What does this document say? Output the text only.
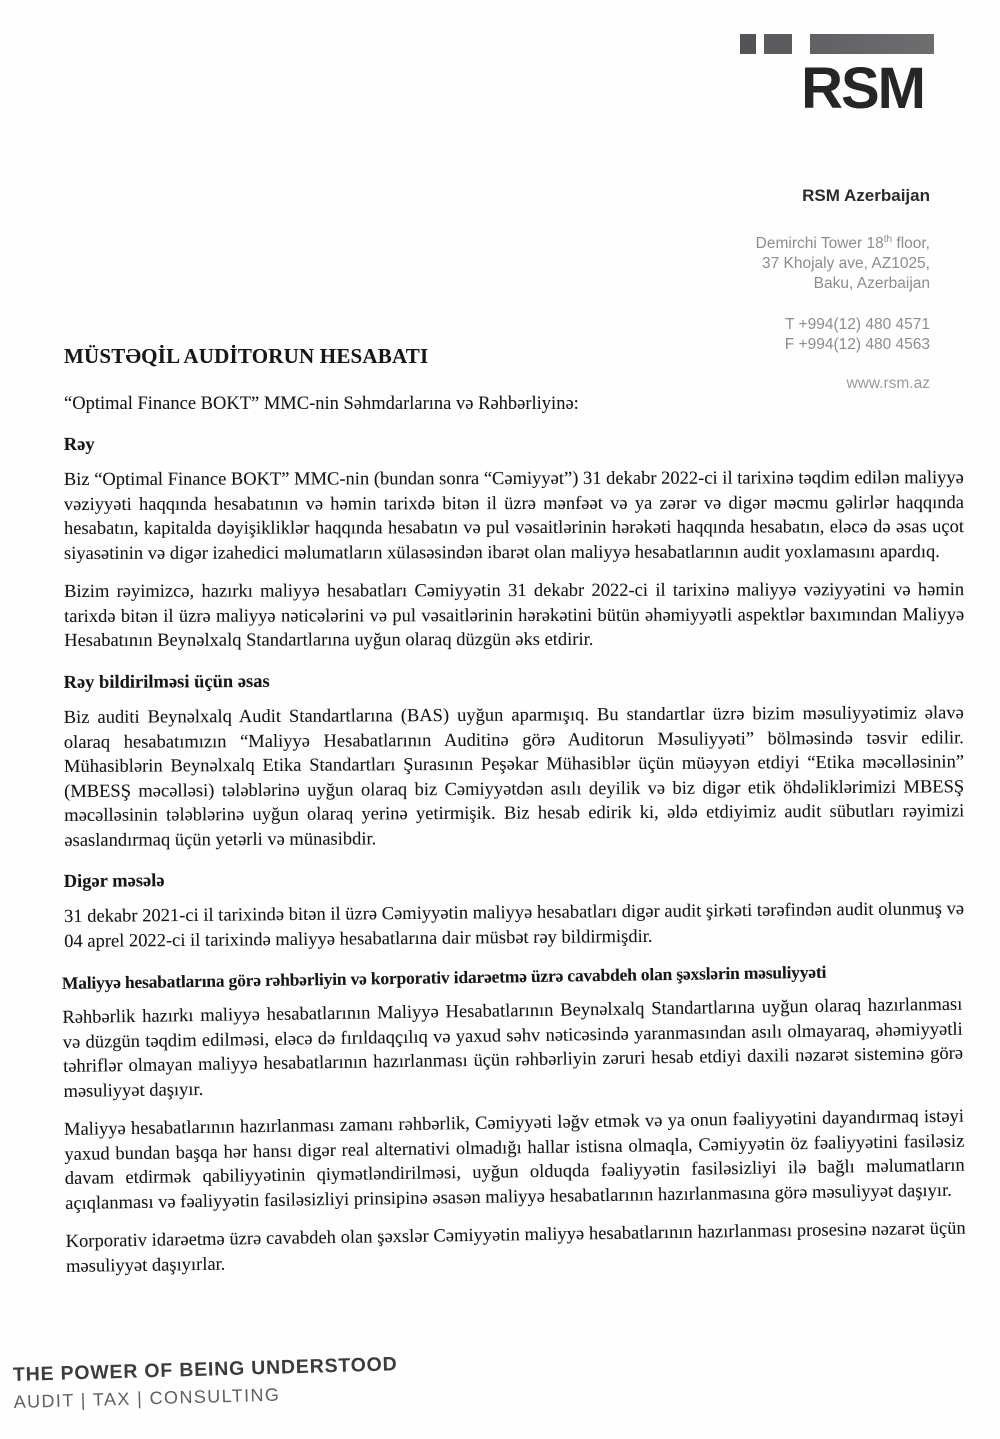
RSM
RSM Azerbaijan
Demirchi Tower 18th floor,
37 Khojaly ave, AZ1025,
Baku, Azerbaijan
T +994(12) 480 4571
F +994(12) 480 4563
www.rsm.az
MÜSTƏQİL AUDİTORUN HESABATI

“Optimal Finance BOKT” MMC-nin Səhmdarlarına və Rəhbərliyinə:

Rəy

Biz “Optimal Finance BOKT” MMC-nin (bundan sonra “Cəmiyyət”) 31 dekabr 2022-ci il tarixinə təqdim edilən maliyyə vəziyyəti haqqında hesabatının və həmin tarixdə bitən il üzrə mənfəət və ya zərər və digər məcmu gəlirlər haqqında hesabatın, kapitalda dəyişikliklər haqqında hesabatın və pul vəsaitlərinin hərəkəti haqqında hesabatın, eləcə də əsas uçot siyasətinin və digər izahedici məlumatların xülasəsindən ibarət olan maliyyə hesabatlarının audit yoxlamasını apardıq.

Bizim rəyimizcə, hazırkı maliyyə hesabatları Cəmiyyətin 31 dekabr 2022-ci il tarixinə maliyyə vəziyyətini və həmin tarixdə bitən il üzrə maliyyə nəticələrini və pul vəsaitlərinin hərəkətini bütün əhəmiyyətli aspektlər baxımından Maliyyə Hesabatının Beynəlxalq Standartlarına uyğun olaraq düzgün əks etdirir.

Rəy bildirilməsi üçün əsas

Biz auditi Beynəlxalq Audit Standartlarına (BAS) uyğun aparmışıq. Bu standartlar üzrə bizim məsuliyyətimiz əlavə olaraq hesabatımızın “Maliyyə Hesabatlarının Auditinə görə Auditorun Məsuliyyəti” bölməsində təsvir edilir. Mühasiblərin Beynəlxalq Etika Standartları Şurasının Peşəkar Mühasiblər üçün müəyyən etdiyi “Etika məcəlləsinin” (MBESŞ məcəlləsi) tələblərinə uyğun olaraq biz Cəmiyyətdən asılı deyilik və biz digər etik öhdəliklərimizi MBESŞ məcəlləsinin tələblərinə uyğun olaraq yerinə yetirmişik. Biz hesab edirik ki, əldə etdiyimiz audit sübutları rəyimizi əsaslandırmaq üçün yetərli və münasibdir.

Digər məsələ

31 dekabr 2021-ci il tarixində bitən il üzrə Cəmiyyətin maliyyə hesabatları digər audit şirkəti tərəfindən audit olunmuş və 04 aprel 2022-ci il tarixində maliyyə hesabatlarına dair müsbət rəy bildirmişdir.

Maliyyə hesabatlarına görə rəhbərliyin və korporativ idarəetmə üzrə cavabdeh olan şəxslərin məsuliyyəti

Rəhbərlik hazırkı maliyyə hesabatlarının Maliyyə Hesabatlarının Beynəlxalq Standartlarına uyğun olaraq hazırlanması və düzgün təqdim edilməsi, eləcə də fırıldaqçılıq və yaxud səhv nəticəsində yaranmasından asılı olmayaraq, əhəmiyyətli təhriflər olmayan maliyyə hesabatlarının hazırlanması üçün rəhbərliyin zəruri hesab etdiyi daxili nəzarət sisteminə görə məsuliyyət daşıyır.

Maliyyə hesabatlarının hazırlanması zamanı rəhbərlik, Cəmiyyəti ləğv etmək və ya onun fəaliyyətini dayandırmaq istəyi yaxud bundan başqa hər hansı digər real alternativi olmadığı hallar istisna olmaqla, Cəmiyyətin öz fəaliyyətini fasiləsiz davam etdirmək qabiliyyətinin qiymətləndirilməsi, uyğun olduqda fəaliyyətin fasiləsizliyi ilə bağlı məlumatların açıqlanması və fəaliyyətin fasiləsizliyi prinsipinə əsasən maliyyə hesabatlarının hazırlanmasına görə məsuliyyət daşıyır.

Korporativ idarəetmə üzrə cavabdeh olan şəxslər Cəmiyyətin maliyyə hesabatlarının hazırlanması prosesinə nəzarət üçün məsuliyyət daşıyırlar.

THE POWER OF BEING UNDERSTOOD
AUDIT | TAX | CONSULTING
